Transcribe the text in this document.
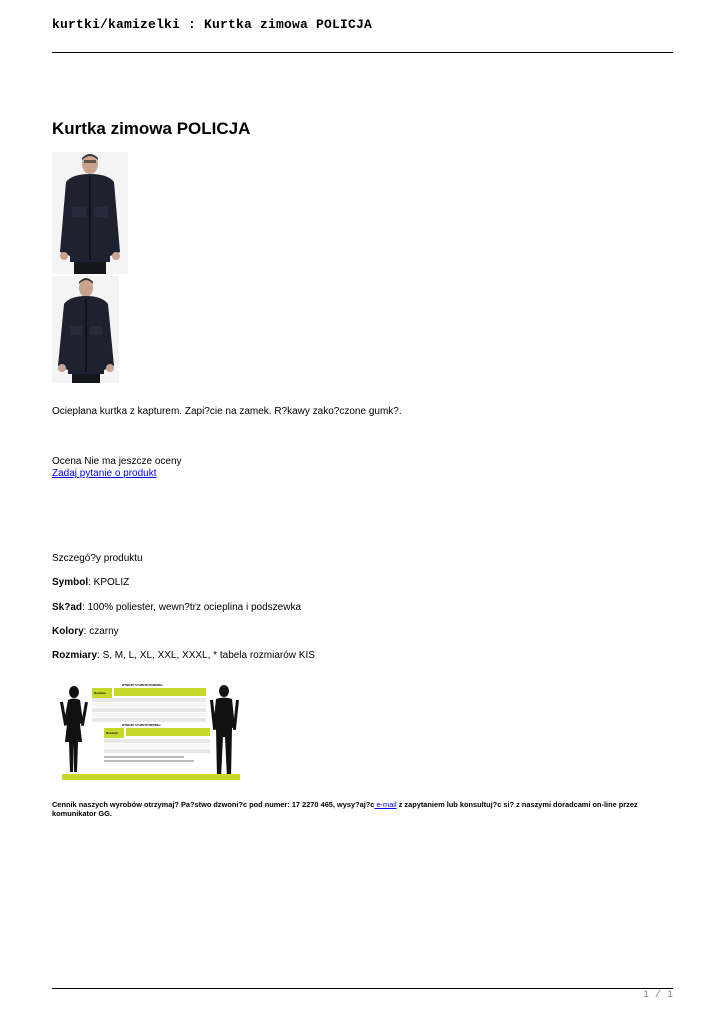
kurtki/kamizelki : Kurtka zimowa POLICJA
Kurtka zimowa POLICJA
Ocieplana kurtka z kapturem. Zapi?cie na zamek. R?kawy zako?czone gumk?.
Ocena Nie ma jeszcze oceny
Zadaj pytanie o produkt
Szczegó?y produktu
Symbol: KPOLIZ
Sk?ad: 100% poliester, wewn?trz ocieplina i podszewka
Kolory: czarny
Rozmiary: S, M, L, XL, XXL, XXXL, * tabela rozmiarów KIS
WYMIARY SYLWETKI DAMSKIEJ
Rozmiar
WYMIARY SYLWETKI MĘSKIEJ
Rozmiar
Cennik naszych wyrobów otrzymaj? Pa?stwo dzwoni?c pod numer: 17 2270 465, wysy?aj?c e-mail z zapytaniem lub konsultuj?c si? z naszymi doradcami on-line przez komunikator GG.
1 / 1
